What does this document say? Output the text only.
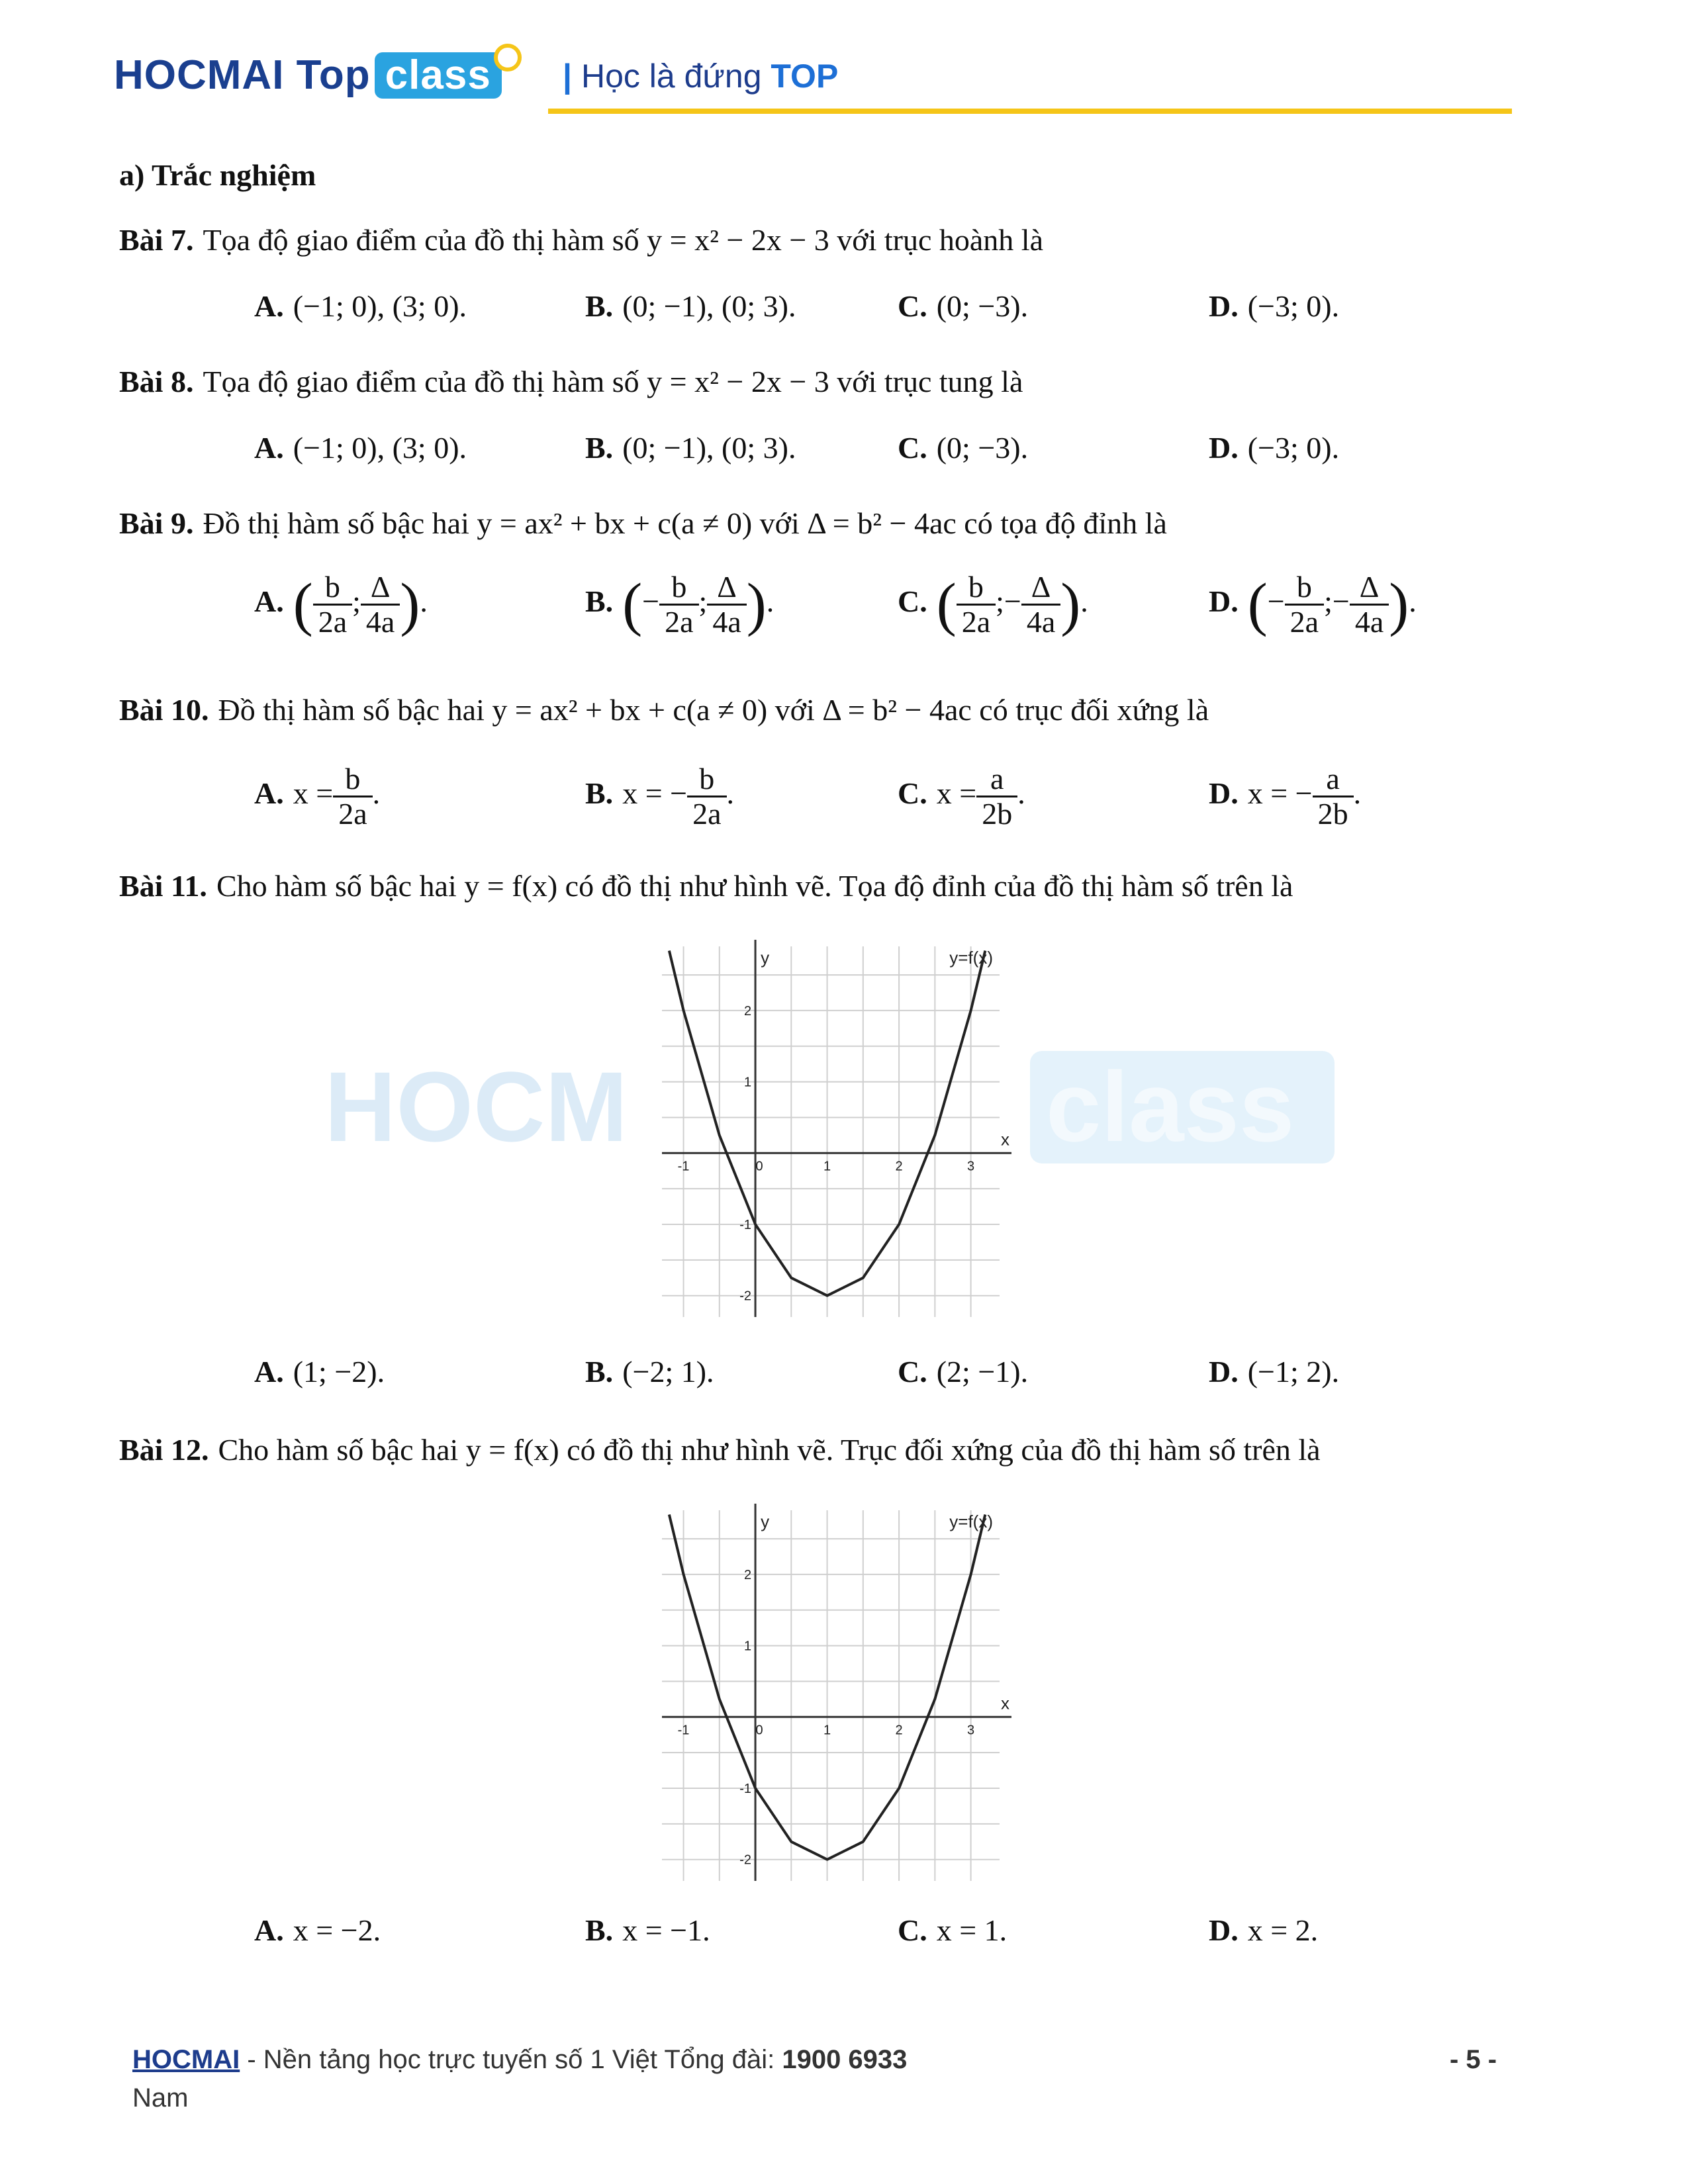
HOCMAI Top class	| Học là đứng TOP
a) Trắc nghiệm
Bài 7. Tọa độ giao điểm của đồ thị hàm số y = x² − 2x − 3 với trục hoành là
A. (−1; 0), (3; 0).	B. (0; −1), (0; 3).	C. (0; −3).	D. (−3; 0).
Bài 8. Tọa độ giao điểm của đồ thị hàm số y = x² − 2x − 3 với trục tung là
A. (−1; 0), (3; 0).	B. (0; −1), (0; 3).	C. (0; −3).	D. (−3; 0).
Bài 9. Đồ thị hàm số bậc hai y = ax² + bx + c(a ≠ 0) với Δ = b² − 4ac có tọa độ đỉnh là
A. ( $\frac{b}{2a}$ ; $\frac{\Delta}{4a}$ ).	B. (− $\frac{b}{2a}$ ; $\frac{\Delta}{4a}$ ).	C. ( $\frac{b}{2a}$ ;− $\frac{\Delta}{4a}$ ).	D. (− $\frac{b}{2a}$ ;− $\frac{\Delta}{4a}$ ).
Bài 10. Đồ thị hàm số bậc hai y = ax² + bx + c(a ≠ 0) với Δ = b² − 4ac có trục đối xứng là
A. $x = \frac{b}{2a}$ .	B. x = − $\frac{b}{2a}$ .	C. $x = \frac{a}{2b}$ .	D. x = − $\frac{a}{2b}$ .
Bài 11. Cho hàm số bậc hai y = f(x) có đồ thị như hình vẽ. Tọa độ đỉnh của đồ thị hàm số trên là
HOCM	class
x
y
-1	0	1	2	3
-2
-1
1
2
y=f(x)
A. (1; −2).	B. (−2; 1).	C. (2; −1).	D. (−1; 2).
Bài 12. Cho hàm số bậc hai y = f(x) có đồ thị như hình vẽ. Trục đối xứng của đồ thị hàm số trên là
x
y
-1	0	1	2	3
-2
-1
1
2
y=f(x)
A. x = −2.	B. x = −1.	C. x = 1.	D. x = 2.
HOCMAI - Nền tảng học trực tuyến số 1 Việt Tổng đài: 1900 6933
Nam
- 5 -
